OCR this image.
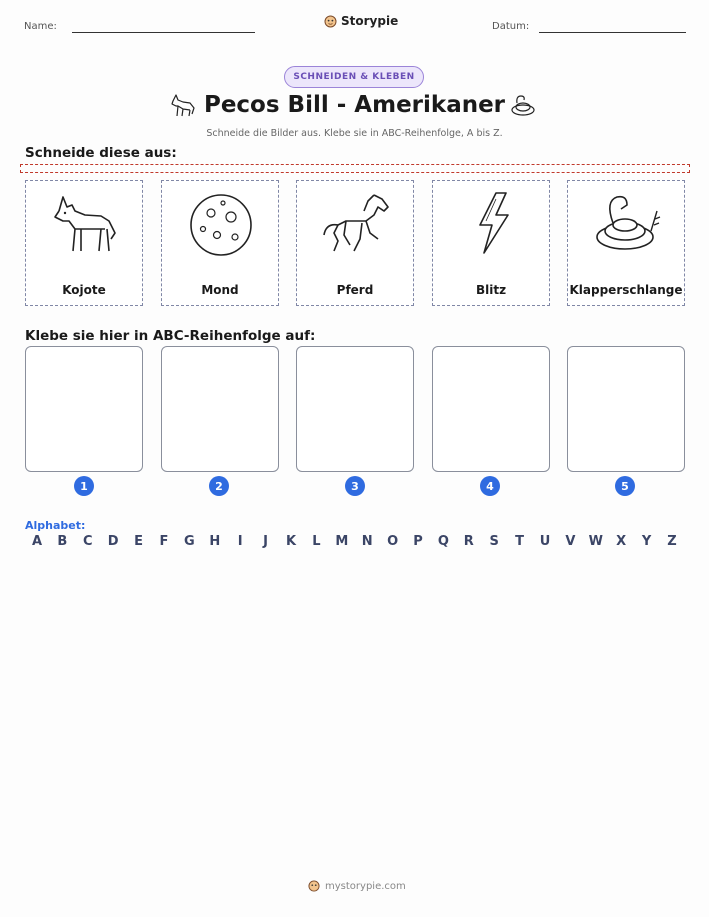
Name:	Storypie	Datum:
SCHNEIDEN & KLEBEN
Pecos Bill - Amerikaner
Schneide die Bilder aus. Klebe sie in ABC-Reihenfolge, A bis Z.
Schneide diese aus:
Kojote	Mond	Pferd	Blitz	Klapperschlange
Klebe sie hier in ABC-Reihenfolge auf:
1	2	3	4	5
Alphabet:
A	B	C	D	E	F	G	H	I	J	K	L	M	N	O	P	Q	R	S	T	U	V	W	X	Y	Z
mystorypie.com
